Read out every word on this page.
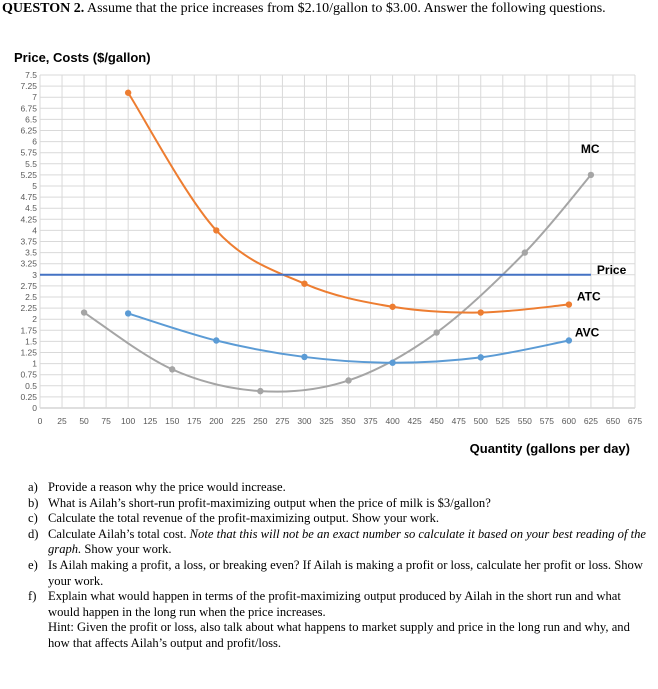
QUESTON 2. Assume that the price increases from $2.10/gallon to $3.00. Answer the following questions.
Price, Costs ($/gallon)
0
0.25
0.5
0.75
1
1.25
1.5
1.75
2
2.25
2.5
2.75
3
3.25
3.5
3.75
4
4.25
4.5
4.75
5
5.25
5.5
5.75
6
6.25
6.5
6.75
7
7.25
7.5
0 25 50 75 100 125 150 175 200 225 250 275 300 325 350 375 400 425 450 475 500 525 550 575 600 625 650 675
MC
ATC
AVC
Price
Quantity (gallons per day)
a) Provide a reason why the price would increase.
b) What is Ailah’s short-run profit-maximizing output when the price of milk is $3/gallon?
c) Calculate the total revenue of the profit-maximizing output. Show your work.
d) Calculate Ailah’s total cost. Note that this will not be an exact number so calculate it based on your best reading of the graph. Show your work.
e) Is Ailah making a profit, a loss, or breaking even? If Ailah is making a profit or loss, calculate her profit or loss. Show your work.
f) Explain what would happen in terms of the profit-maximizing output produced by Ailah in the short run and what would happen in the long run when the price increases.
Hint: Given the profit or loss, also talk about what happens to market supply and price in the long run and why, and how that affects Ailah’s output and profit/loss.
